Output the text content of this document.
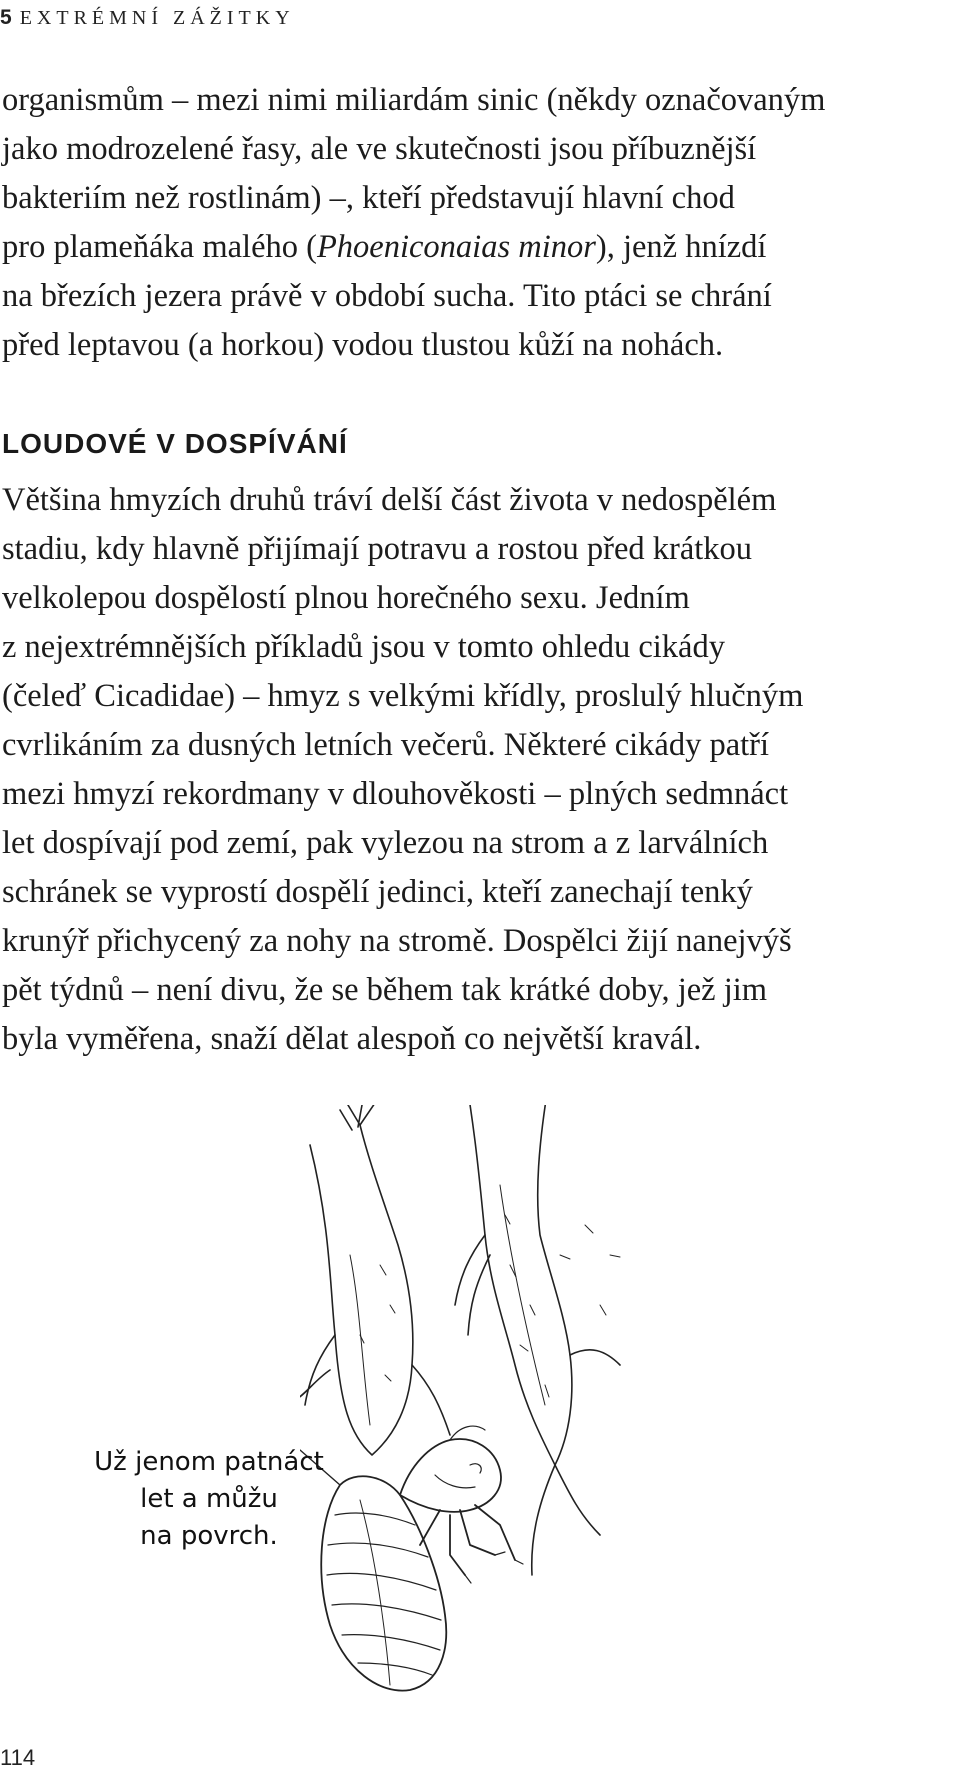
5 EXTRÉMNÍ ZÁŽITKY
organismům – mezi nimi miliardám sinic (někdy označovaným
jako modrozelené řasy, ale ve skutečnosti jsou příbuznější
bakteriím než rostlinám) –, kteří představují hlavní chod
pro plameňáka malého (Phoeniconaias minor), jenž hnízdí
na březích jezera právě v období sucha. Tito ptáci se chrání
před leptavou (a horkou) vodou tlustou kůží na nohách.
LOUDOVÉ V DOSPÍVÁNÍ
Většina hmyzích druhů tráví delší část života v nedospělém
stadiu, kdy hlavně přijímají potravu a rostou před krátkou
velkolepou dospělostí plnou horečného sexu. Jedním
z nejextrémnějších příkladů jsou v tomto ohledu cikády
(čeleď Cicadidae) – hmyz s velkými křídly, proslulý hlučným
cvrlikáním za dusných letních večerů. Některé cikády patří
mezi hmyzí rekordmany v dlouhověkosti – plných sedmnáct
let dospívají pod zemí, pak vylezou na strom a z larválních
schránek se vyprostí dospělí jedinci, kteří zanechají tenký
krunýř přichycený za nohy na stromě. Dospělci žijí nanejvýš
pět týdnů – není divu, že se během tak krátké doby, jež jim
byla vyměřena, snaží dělat alespoň co největší kravál.
Už jenom patnáct
let a můžu
na povrch.
114
